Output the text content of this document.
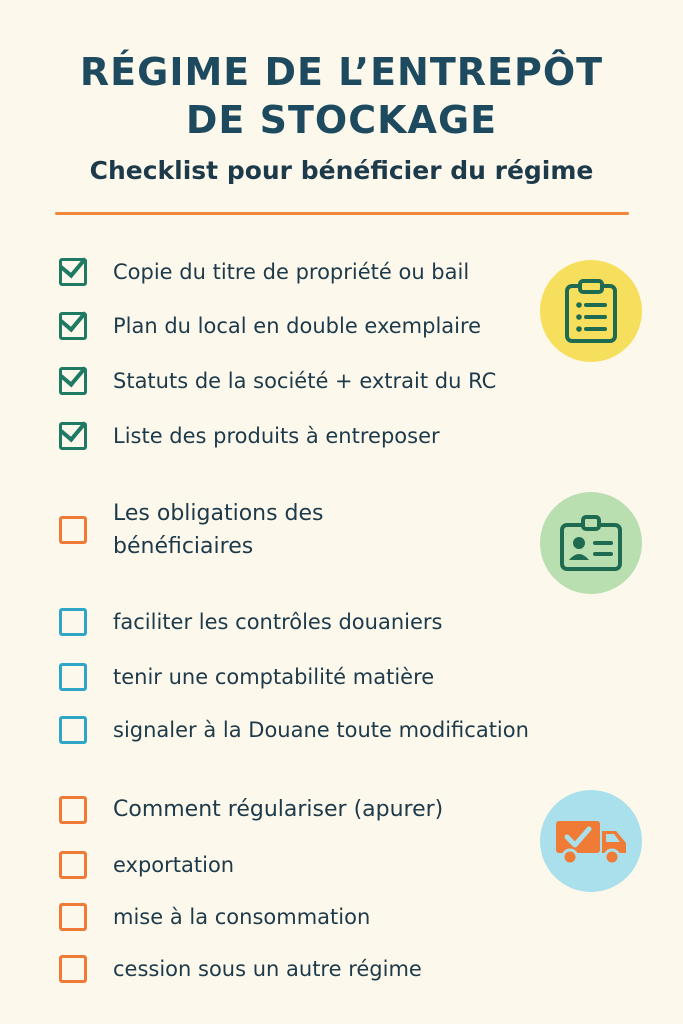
RÉGIME DE L’ENTREPÔT
DE STOCKAGE
Checklist pour bénéficier du régime
Copie du titre de propriété ou bail
Plan du local en double exemplaire
Statuts de la société + extrait du RC
Liste des produits à entreposer
Les obligations des bénéficiaires
faciliter les contrôles douaniers
tenir une comptabilité matière
signaler à la Douane toute modification
Comment régulariser (apurer)
exportation
mise à la consommation
cession sous un autre régime
